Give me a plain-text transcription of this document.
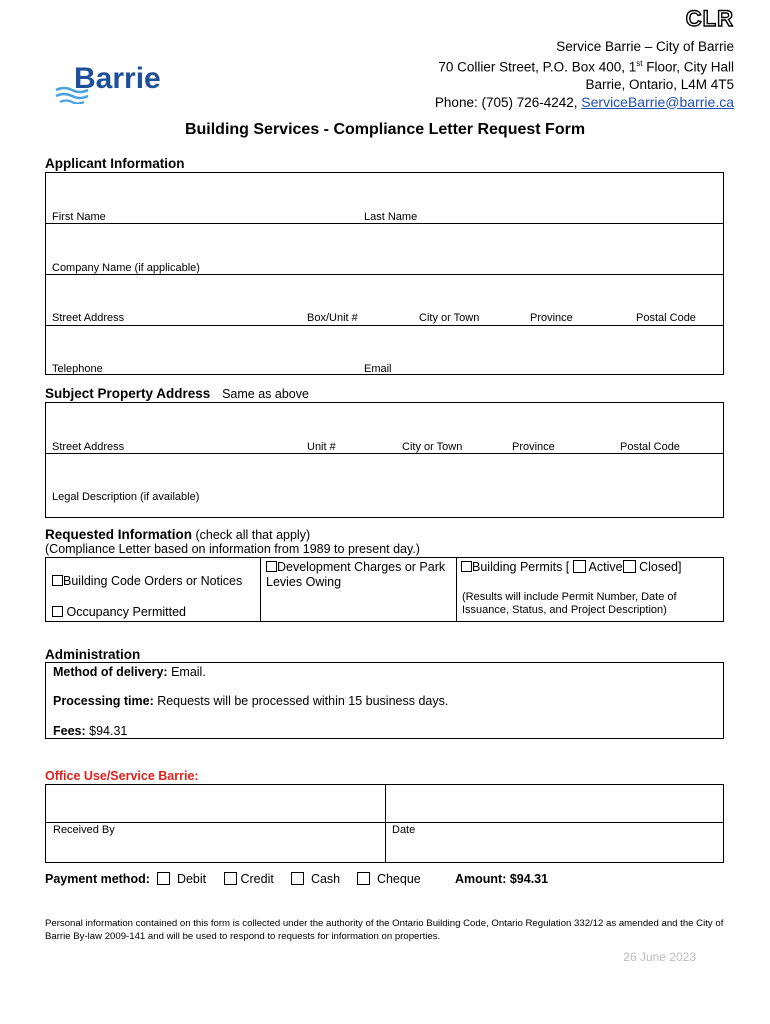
CLR
Service Barrie – City of Barrie
70 Collier Street, P.O. Box 400, 1st Floor, City Hall
Barrie, Ontario, L4M 4T5
Phone: (705) 726-4242, ServiceBarrie@barrie.ca
Barrie
Building Services - Compliance Letter Request Form
Applicant Information
First Name	Last Name
Company Name (if applicable)
Street Address	Box/Unit #	City or Town	Province	Postal Code
Telephone	Email
Subject Property Address Same as above
Street Address	Unit #	City or Town	Province	Postal Code
Legal Description (if available)
Requested Information (check all that apply)
(Compliance Letter based on information from 1989 to present day.)
Building Code Orders or Notices
Occupancy Permitted
Development Charges or Park
Levies Owing
Building Permits [ Active Closed]
(Results will include Permit Number, Date of
Issuance, Status, and Project Description)
Administration
Method of delivery: Email.
Processing time: Requests will be processed within 15 business days.
Fees: $94.31
Office Use/Service Barrie:
Received By	Date
Payment method:	Debit	Credit	Cash	Cheque	Amount: $94.31
Personal information contained on this form is collected under the authority of the Ontario Building Code, Ontario Regulation 332/12 as amended and the City of Barrie By-law 2009-141 and will be used to respond to requests for information on properties.
26 June 2023
